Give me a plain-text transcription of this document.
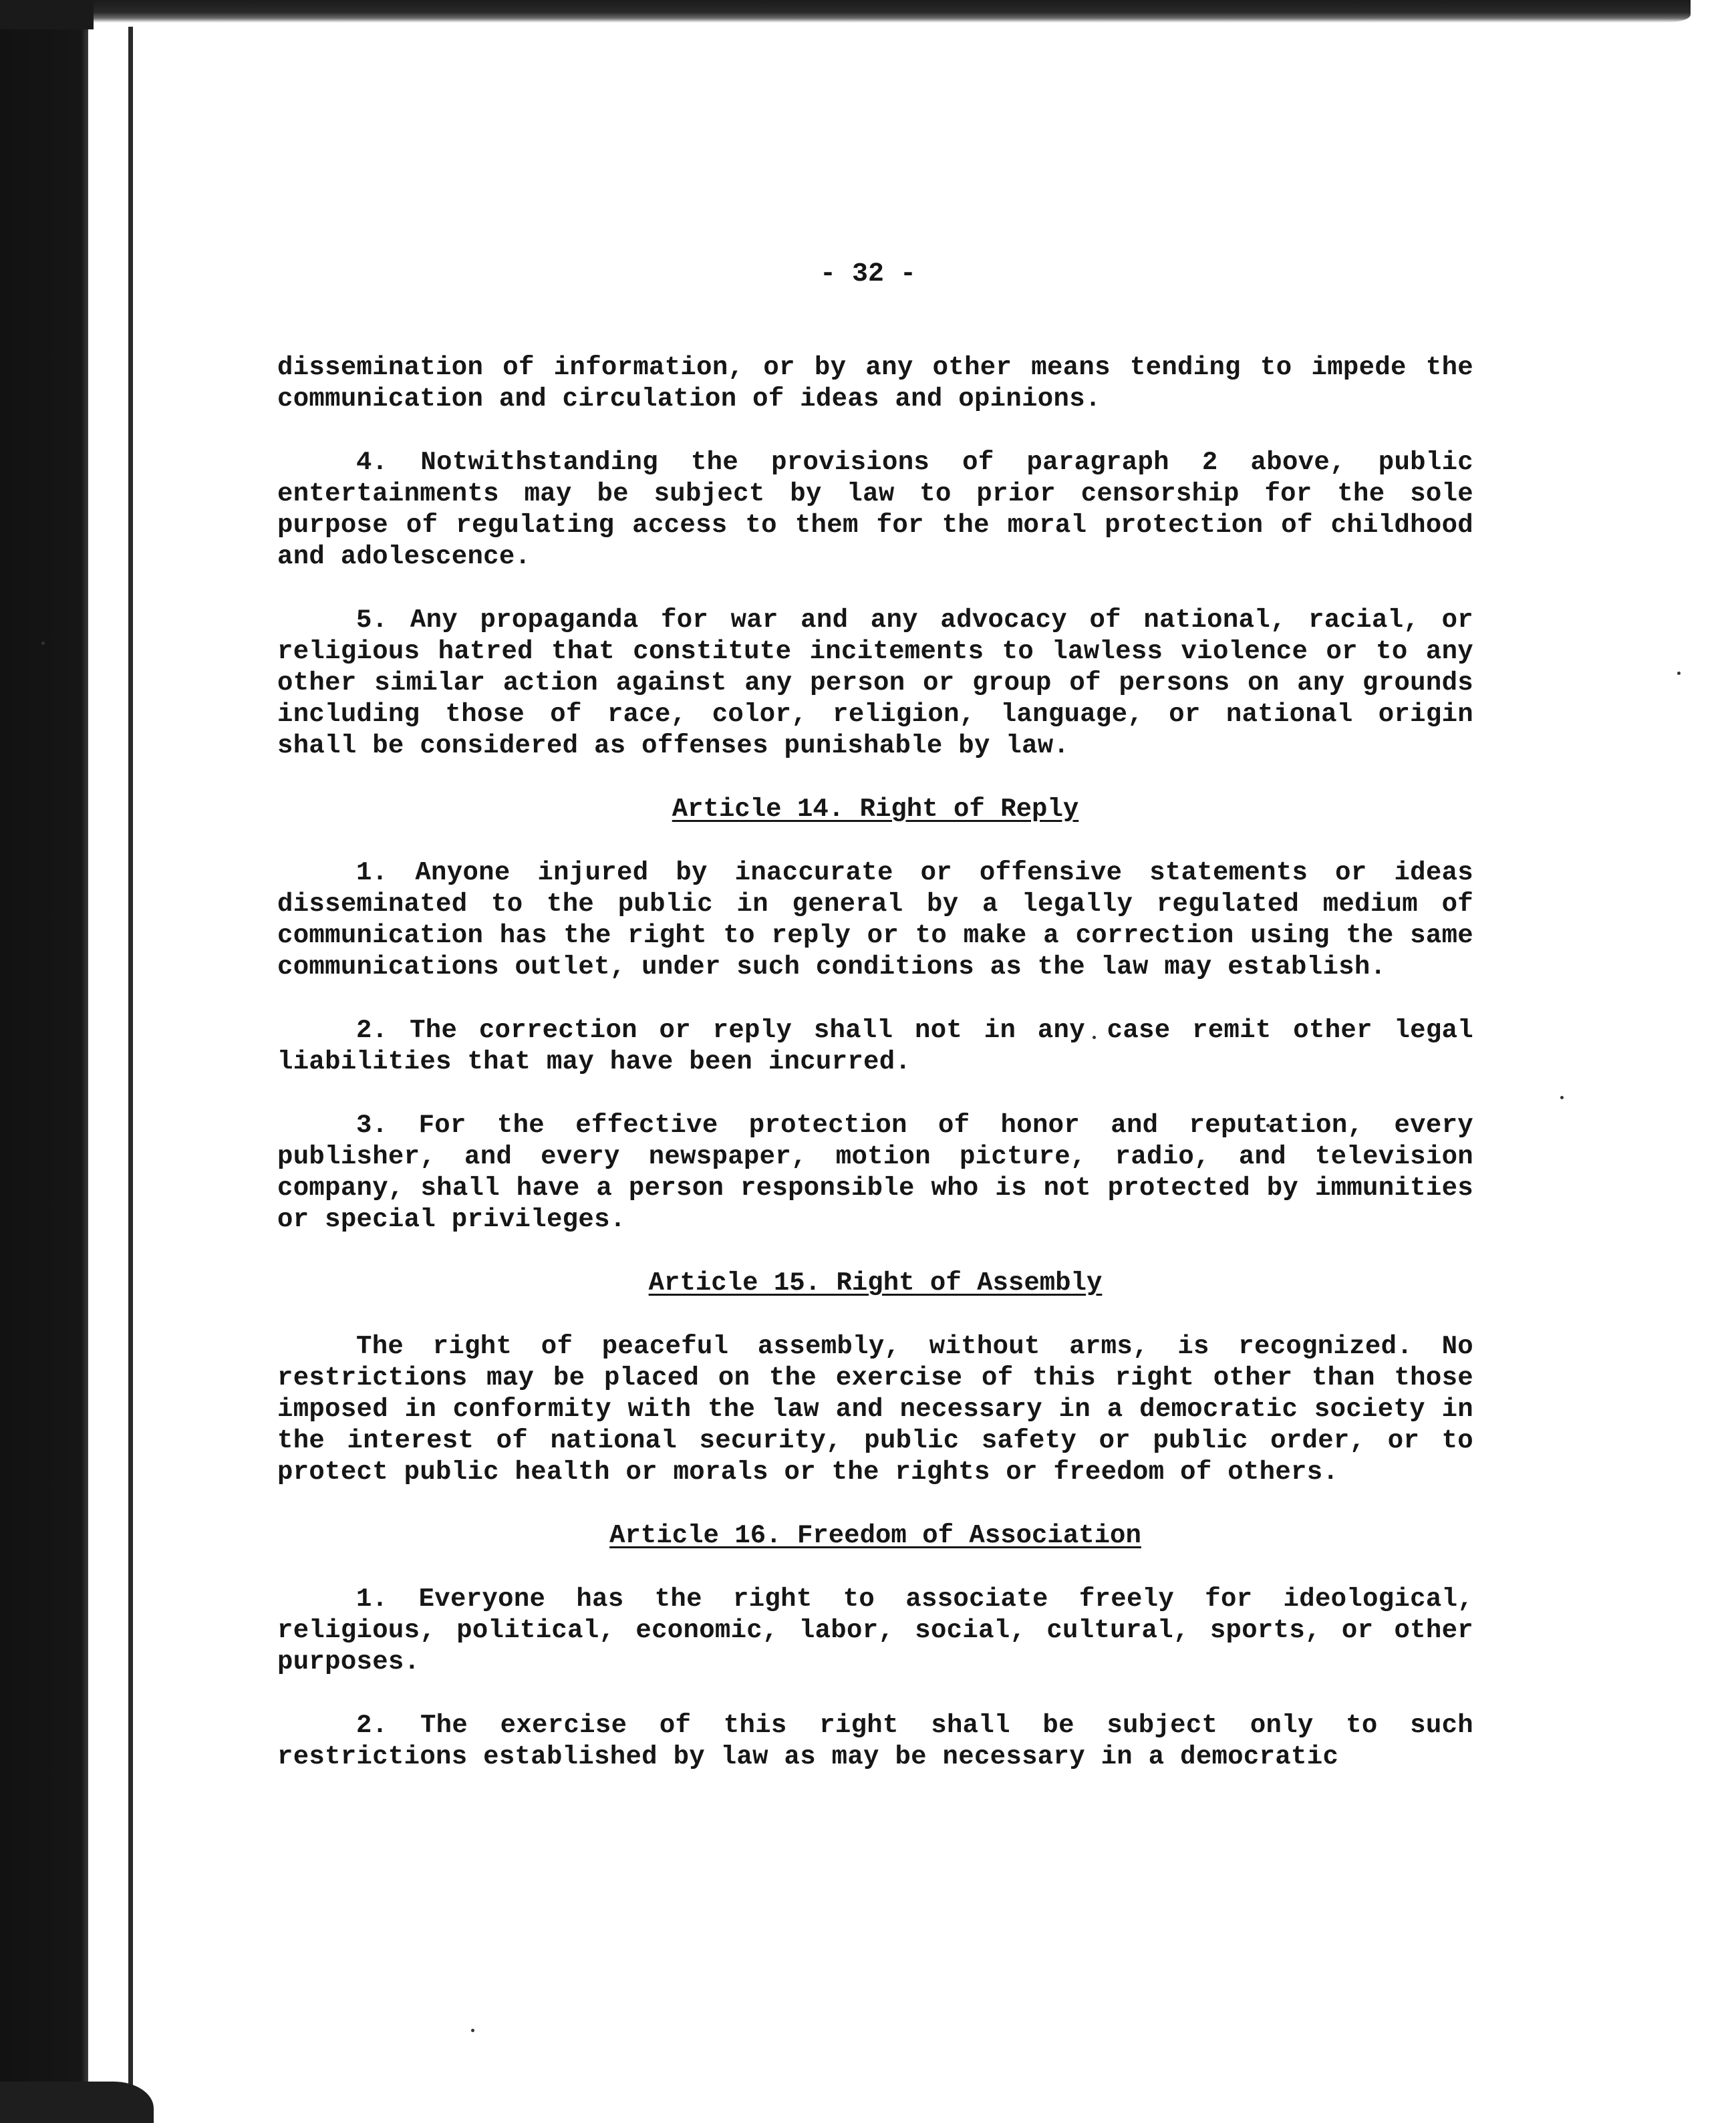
- 32 -
dissemination of information, or by any other means tending to impede the communication and circulation of ideas and opinions.
4. Notwithstanding the provisions of paragraph 2 above, public entertainments may be subject by law to prior censorship for the sole purpose of regulating access to them for the moral protection of childhood and adolescence.
5. Any propaganda for war and any advocacy of national, racial, or religious hatred that constitute incitements to lawless violence or to any other similar action against any person or group of persons on any grounds including those of race, color, religion, language, or national origin shall be considered as offenses punishable by law.
Article 14. Right of Reply
1. Anyone injured by inaccurate or offensive statements or ideas disseminated to the public in general by a legally regulated medium of communication has the right to reply or to make a correction using the same communications outlet, under such conditions as the law may establish.
2. The correction or reply shall not in any case remit other legal liabilities that may have been incurred.
3. For the effective protection of honor and reputation, every publisher, and every newspaper, motion picture, radio, and television company, shall have a person responsible who is not protected by immunities or special privileges.
Article 15. Right of Assembly
The right of peaceful assembly, without arms, is recognized. No restrictions may be placed on the exercise of this right other than those imposed in conformity with the law and necessary in a democratic society in the interest of national security, public safety or public order, or to protect public health or morals or the rights or freedom of others.
Article 16. Freedom of Association
1. Everyone has the right to associate freely for ideological, religious, political, economic, labor, social, cultural, sports, or other purposes.
2. The exercise of this right shall be subject only to such restrictions established by law as may be necessary in a democratic
